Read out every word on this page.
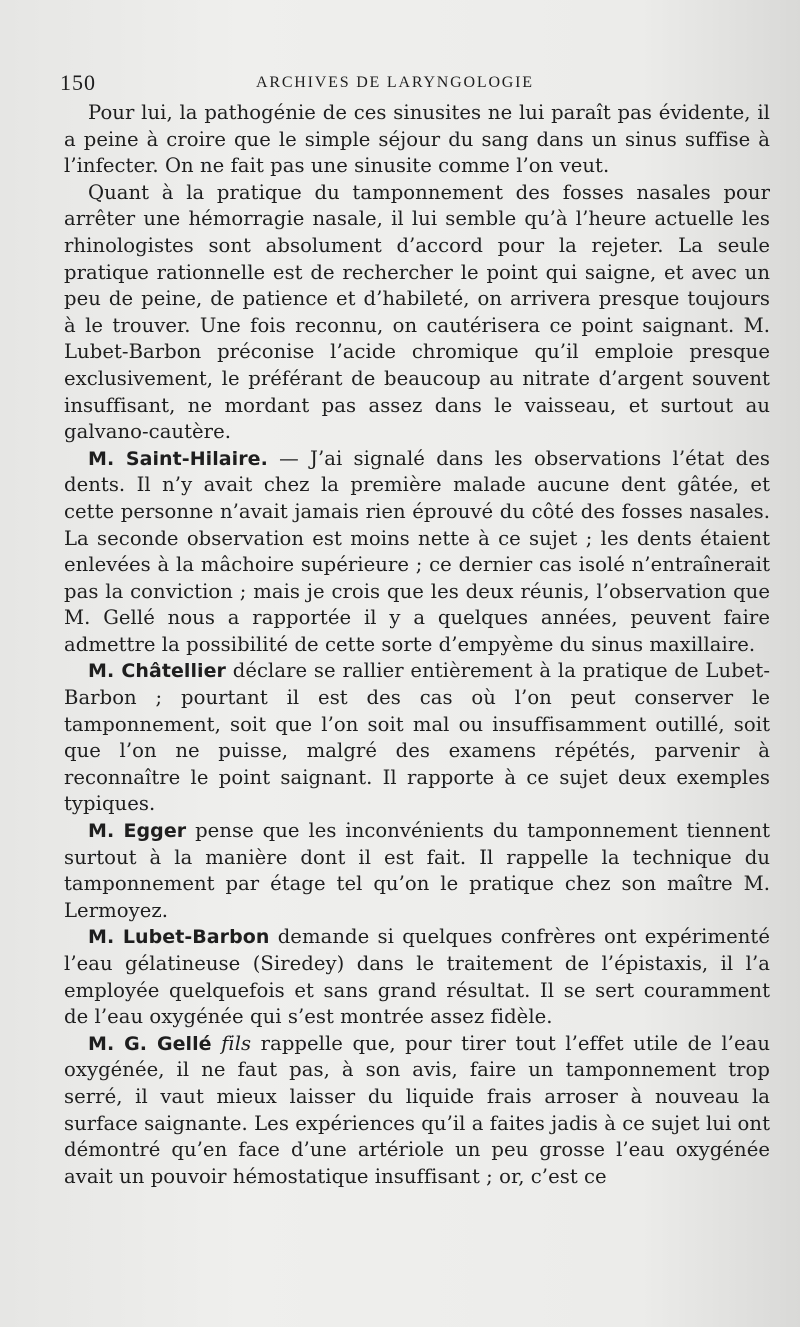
150	ARCHIVES DE LARYNGOLOGIE

Pour lui, la pathogénie de ces sinusites ne lui paraît pas évidente, il a peine à croire que le simple séjour du sang dans un sinus suffise à l’infecter. On ne fait pas une sinusite comme l’on veut.

Quant à la pratique du tamponnement des fosses nasales pour arrêter une hémorragie nasale, il lui semble qu’à l’heure actuelle les rhinologistes sont absolument d’accord pour la rejeter. La seule pratique rationnelle est de rechercher le point qui saigne, et avec un peu de peine, de patience et d’habileté, on arrivera presque toujours à le trouver. Une fois reconnu, on cautérisera ce point saignant. M. Lubet-Barbon préconise l’acide chromique qu’il emploie presque exclusivement, le préférant de beaucoup au nitrate d’argent souvent insuffisant, ne mordant pas assez dans le vaisseau, et surtout au galvano-cautère.

M. Saint-Hilaire. — J’ai signalé dans les observations l’état des dents. Il n’y avait chez la première malade aucune dent gâtée, et cette personne n’avait jamais rien éprouvé du côté des fosses nasales. La seconde observation est moins nette à ce sujet ; les dents étaient enlevées à la mâchoire supérieure ; ce dernier cas isolé n’entraînerait pas la conviction ; mais je crois que les deux réunis, l’observation que M. Gellé nous a rapportée il y a quelques années, peuvent faire admettre la possibilité de cette sorte d’empyème du sinus maxillaire.

M. Châtellier déclare se rallier entièrement à la pratique de Lubet-Barbon ; pourtant il est des cas où l’on peut conserver le tamponnement, soit que l’on soit mal ou insuffisamment outillé, soit que l’on ne puisse, malgré des examens répétés, parvenir à reconnaître le point saignant. Il rapporte à ce sujet deux exemples typiques.

M. Egger pense que les inconvénients du tamponnement tiennent surtout à la manière dont il est fait. Il rappelle la technique du tamponnement par étage tel qu’on le pratique chez son maître M. Lermoyez.

M. Lubet-Barbon demande si quelques confrères ont expérimenté l’eau gélatineuse (Siredey) dans le traitement de l’épistaxis, il l’a employée quelquefois et sans grand résultat. Il se sert couramment de l’eau oxygénée qui s’est montrée assez fidèle.

M. G. Gellé fils rappelle que, pour tirer tout l’effet utile de l’eau oxygénée, il ne faut pas, à son avis, faire un tamponnement trop serré, il vaut mieux laisser du liquide frais arroser à nouveau la surface saignante. Les expériences qu’il a faites jadis à ce sujet lui ont démontré qu’en face d’une artériole un peu grosse l’eau oxygénée avait un pouvoir hémostatique insuffisant ; or, c’est ce
